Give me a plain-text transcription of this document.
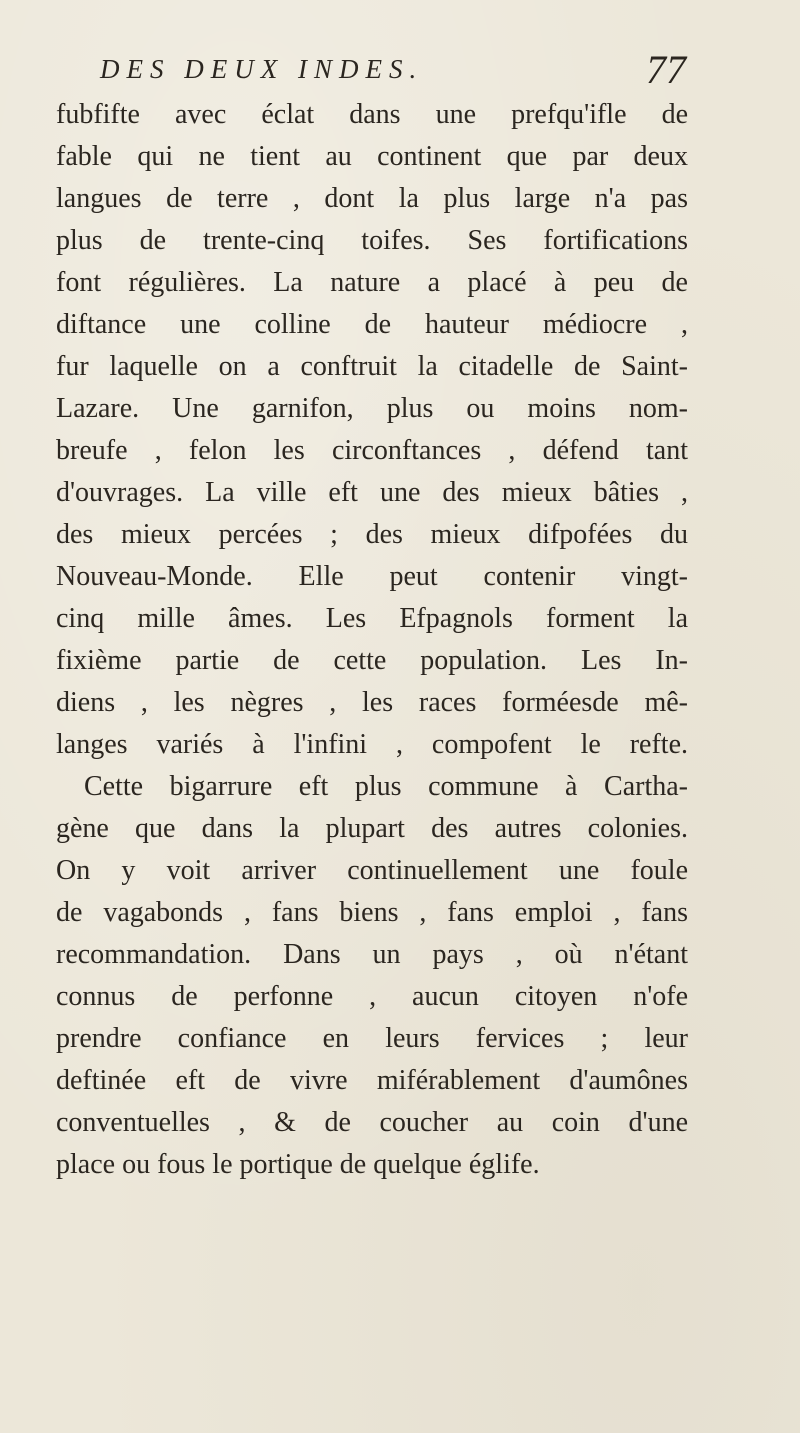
DES DEUX INDES.	77
fubfifte avec éclat dans une prefqu'ifle de
fable qui ne tient au continent que par deux
langues de terre , dont la plus large n'a pas
plus de trente-cinq toifes. Ses fortifications
font régulières. La nature a placé à peu de
diftance une colline de hauteur médiocre ,
fur laquelle on a conftruit la citadelle de Saint-
Lazare. Une garnifon, plus ou moins nom-
breufe , felon les circonftances , défend tant
d'ouvrages. La ville eft une des mieux bâties ,
des mieux percées ; des mieux difpofées du
Nouveau-Monde. Elle peut contenir vingt-
cinq mille âmes. Les Efpagnols forment la
fixième partie de cette population. Les In-
diens , les nègres , les races forméesde mê-
langes variés à l'infini , compofent le refte.
Cette bigarrure eft plus commune à Cartha-
gène que dans la plupart des autres colonies.
On y voit arriver continuellement une foule
de vagabonds , fans biens , fans emploi , fans
recommandation. Dans un pays , où n'étant
connus de perfonne , aucun citoyen n'ofe
prendre confiance en leurs fervices ; leur
deftinée eft de vivre miférablement d'aumônes
conventuelles , & de coucher au coin d'une
place ou fous le portique de quelque églife.
